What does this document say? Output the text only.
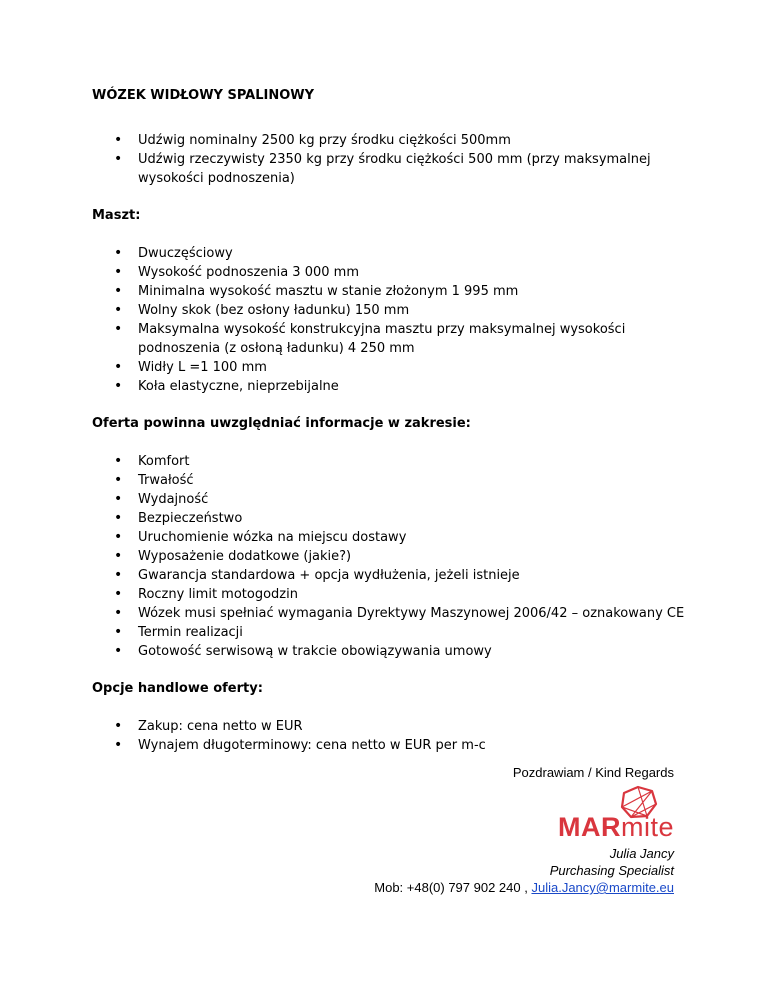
WÓZEK WIDŁOWY SPALINOWY

• Udźwig nominalny 2500 kg przy środku ciężkości 500mm
• Udźwig rzeczywisty 2350 kg przy środku ciężkości 500 mm (przy maksymalnej wysokości podnoszenia)

Maszt:

• Dwuczęściowy
• Wysokość podnoszenia 3 000 mm
• Minimalna wysokość masztu w stanie złożonym 1 995 mm
• Wolny skok (bez osłony ładunku) 150 mm
• Maksymalna wysokość konstrukcyjna masztu przy maksymalnej wysokości podnoszenia (z osłoną ładunku) 4 250 mm
• Widły L =1 100 mm
• Koła elastyczne, nieprzebijalne

Oferta powinna uwzględniać informacje w zakresie:

• Komfort
• Trwałość
• Wydajność
• Bezpieczeństwo
• Uruchomienie wózka na miejscu dostawy
• Wyposażenie dodatkowe (jakie?)
• Gwarancja standardowa + opcja wydłużenia, jeżeli istnieje
• Roczny limit motogodzin
• Wózek musi spełniać wymagania Dyrektywy Maszynowej 2006/42 – oznakowany CE
• Termin realizacji
• Gotowość serwisową w trakcie obowiązywania umowy

Opcje handlowe oferty:

• Zakup: cena netto w EUR
• Wynajem długoterminowy: cena netto w EUR per m-c
Pozdrawiam / Kind Regards
MARmite
Julia Jancy
Purchasing Specialist
Mob: +48(0) 797 902 240 , Julia.Jancy@marmite.eu
